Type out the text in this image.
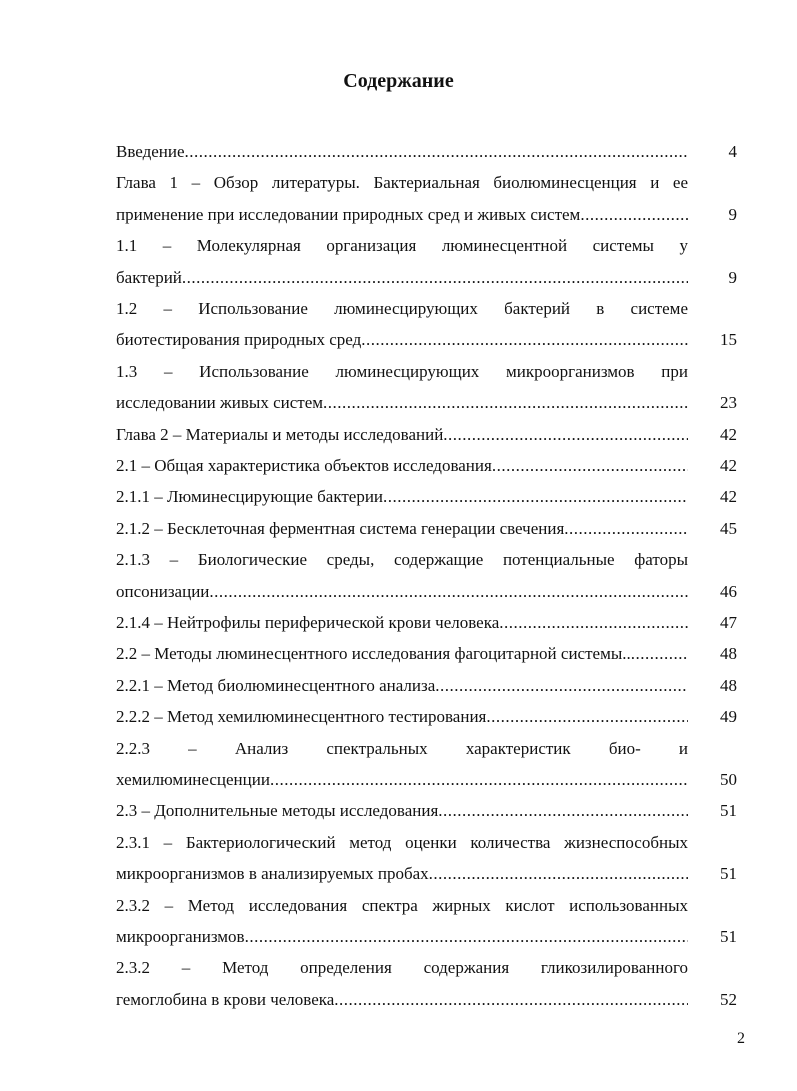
Содержание
Введение .....	4
Глава 1 – Обзор литературы. Бактериальная биолюминесценция и ее
применение при исследовании природных сред и живых систем .....	9
1.1 – Молекулярная организация люминесцентной системы у
бактерий .....	9
1.2 – Использование люминесцирующих бактерий в системе
биотестирования природных сред .....	15
1.3 – Использование люминесцирующих микроорганизмов при
исследовании живых систем .....	23
Глава 2 – Материалы и методы исследований .....	42
2.1 – Общая характеристика объектов исследования .....	42
2.1.1 – Люминесцирующие бактерии .....	42
2.1.2 – Бесклеточная ферментная система генерации свечения .....	45
2.1.3 – Биологические среды, содержащие потенциальные фаторы
опсонизации .....	46
2.1.4 – Нейтрофилы периферической крови человека .....	47
2.2 – Методы люминесцентного исследования фагоцитарной системы.. .....	48
2.2.1 – Метод биолюминесцентного анализа .....	48
2.2.2 – Метод хемилюминесцентного тестирования .....	49
2.2.3 – Анализ спектральных характеристик био- и
хемилюминесценции .....	50
2.3 – Дополнительные методы исследования .....	51
2.3.1 – Бактериологический метод оценки количества жизнеспособных
микроорганизмов в анализируемых пробах .....	51
2.3.2 – Метод исследования спектра жирных кислот использованных
микроорганизмов .....	51
2.3.2 – Метод определения содержания гликозилированного
гемоглобина в крови человека .....	52
2
